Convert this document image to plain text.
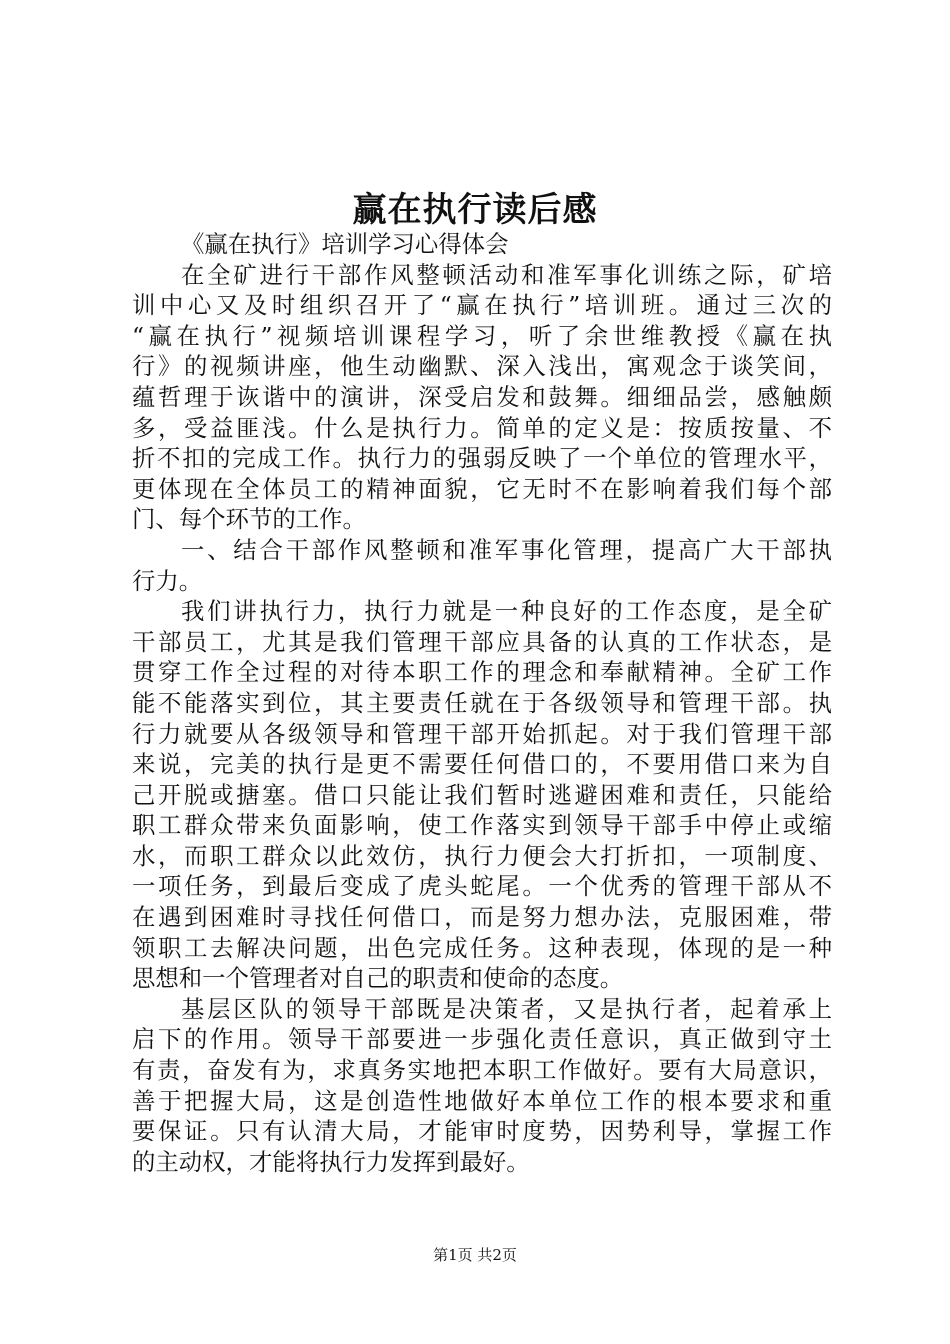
赢在执行读后感
《赢在执行》培训学习心得体会
在全矿进行干部作风整顿活动和准军事化训练之际，矿培
训中心又及时组织召开了“赢在执行”培训班。通过三次的
“赢在执行”视频培训课程学习，听了余世维教授《赢在执
行》的视频讲座，他生动幽默、深入浅出，寓观念于谈笑间，
蕴哲理于诙谐中的演讲，深受启发和鼓舞。细细品尝，感触颇
多，受益匪浅。什么是执行力。简单的定义是：按质按量、不
折不扣的完成工作。执行力的强弱反映了一个单位的管理水平，
更体现在全体员工的精神面貌，它无时不在影响着我们每个部
门、每个环节的工作。
一、结合干部作风整顿和准军事化管理，提高广大干部执
行力。
我们讲执行力，执行力就是一种良好的工作态度，是全矿
干部员工，尤其是我们管理干部应具备的认真的工作状态，是
贯穿工作全过程的对待本职工作的理念和奉献精神。全矿工作
能不能落实到位，其主要责任就在于各级领导和管理干部。执
行力就要从各级领导和管理干部开始抓起。对于我们管理干部
来说，完美的执行是更不需要任何借口的，不要用借口来为自
己开脱或搪塞。借口只能让我们暂时逃避困难和责任，只能给
职工群众带来负面影响，使工作落实到领导干部手中停止或缩
水，而职工群众以此效仿，执行力便会大打折扣，一项制度、
一项任务，到最后变成了虎头蛇尾。一个优秀的管理干部从不
在遇到困难时寻找任何借口，而是努力想办法，克服困难，带
领职工去解决问题，出色完成任务。这种表现，体现的是一种
思想和一个管理者对自己的职责和使命的态度。
基层区队的领导干部既是决策者，又是执行者，起着承上
启下的作用。领导干部要进一步强化责任意识，真正做到守土
有责，奋发有为，求真务实地把本职工作做好。要有大局意识，
善于把握大局，这是创造性地做好本单位工作的根本要求和重
要保证。只有认清大局，才能审时度势，因势利导，掌握工作
的主动权，才能将执行力发挥到最好。
第1页 共2页
